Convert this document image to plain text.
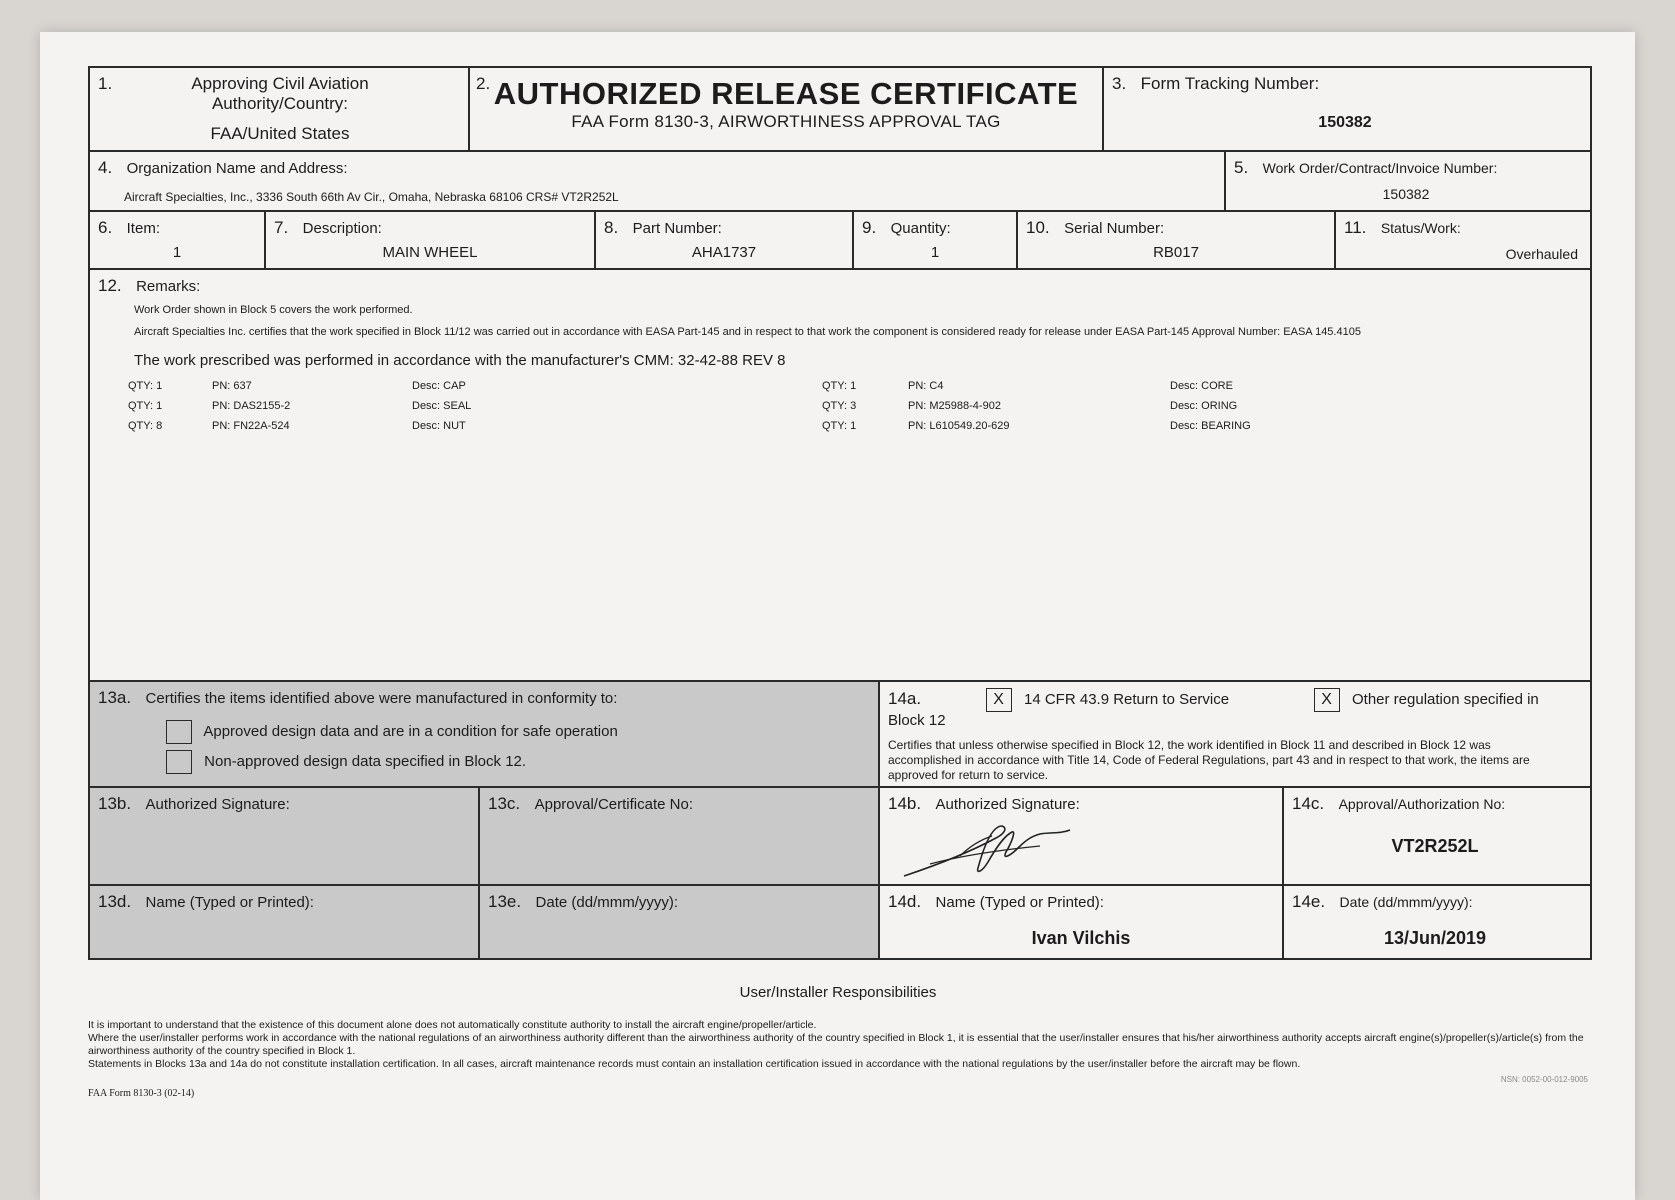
1.	Approving Civil Aviation Authority/Country:
FAA/United States
2. AUTHORIZED RELEASE CERTIFICATE
FAA Form 8130-3, AIRWORTHINESS APPROVAL TAG
3. Form Tracking Number:
150382
4. Organization Name and Address:
Aircraft Specialties, Inc., 3336 South 66th Av Cir., Omaha, Nebraska 68106 CRS# VT2R252L
5. Work Order/Contract/Invoice Number:
150382
6. Item:
1
7. Description:
MAIN WHEEL
8. Part Number:
AHA1737
9. Quantity:
1
10. Serial Number:
RB017
11. Status/Work:
Overhauled
12. Remarks:
Work Order shown in Block 5 covers the work performed.
Aircraft Specialties Inc. certifies that the work specified in Block 11/12 was carried out in accordance with EASA Part-145 and in respect to that work the component is considered ready for release under EASA Part-145 Approval Number: EASA 145.4105
The work prescribed was performed in accordance with the manufacturer's CMM: 32-42-88 REV 8
QTY: 1	PN: 637	Desc: CAP
QTY: 1	PN: DAS2155-2	Desc: SEAL
QTY: 8	PN: FN22A-524	Desc: NUT
QTY: 1	PN: C4	Desc: CORE
QTY: 3	PN: M25988-4-902	Desc: ORING
QTY: 1	PN: L610549.20-629	Desc: BEARING
13a. Certifies the items identified above were manufactured in conformity to:
Approved design data and are in a condition for safe operation
Non-approved design data specified in Block 12.
14a.	X 14 CFR 43.9 Return to Service	X Other regulation specified in Block 12
Certifies that unless otherwise specified in Block 12, the work identified in Block 11 and described in Block 12 was accomplished in accordance with Title 14, Code of Federal Regulations, part 43 and in respect to that work, the items are approved for return to service.
13b. Authorized Signature:	13c. Approval/Certificate No:	14b. Authorized Signature:	14c. Approval/Authorization No:
VT2R252L
13d. Name (Typed or Printed):	13e. Date (dd/mmm/yyyy):	14d. Name (Typed or Printed):
Ivan Vilchis
14e. Date (dd/mmm/yyyy):
13/Jun/2019
User/Installer Responsibilities
It is important to understand that the existence of this document alone does not automatically constitute authority to install the aircraft engine/propeller/article.
Where the user/installer performs work in accordance with the national regulations of an airworthiness authority different than the airworthiness authority of the country specified in Block 1, it is essential that the user/installer ensures that his/her airworthiness authority accepts aircraft engine(s)/propeller(s)/article(s) from the airworthiness authority of the country specified in Block 1.
Statements in Blocks 13a and 14a do not constitute installation certification. In all cases, aircraft maintenance records must contain an installation certification issued in accordance with the national regulations by the user/installer before the aircraft may be flown.
NSN: 0052-00-012-9005
FAA Form 8130-3 (02-14)
